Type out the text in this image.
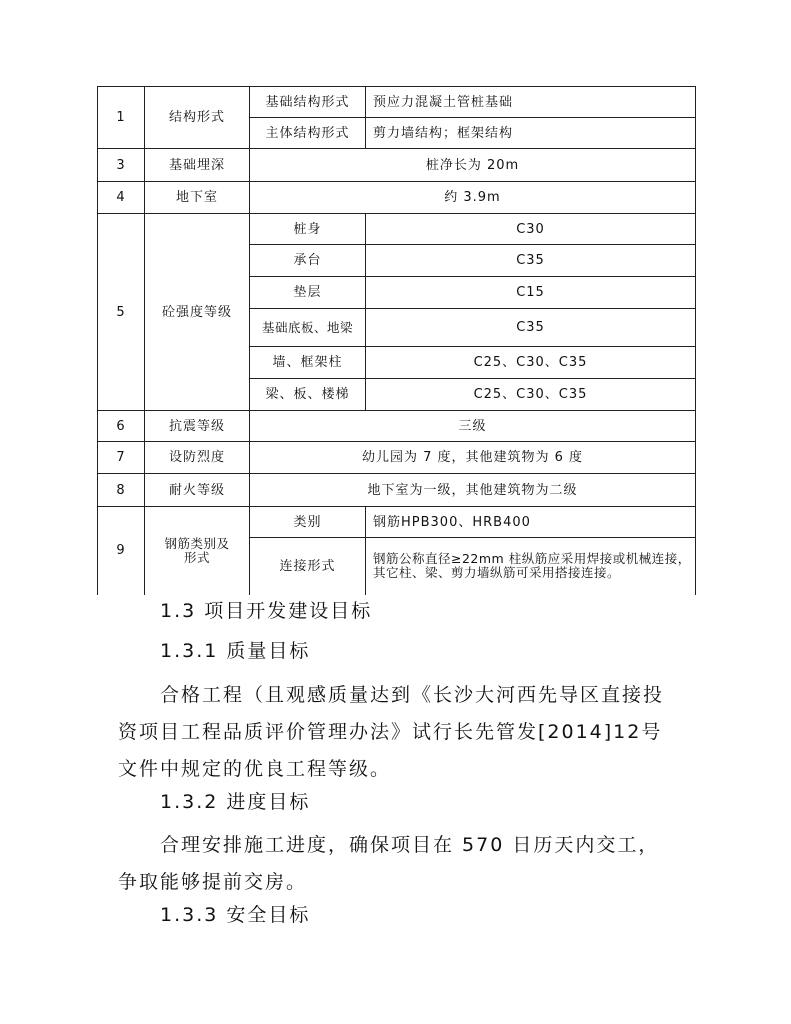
1	结构形式	基础结构形式	预应力混凝土管桩基础
		主体结构形式	剪力墙结构；框架结构
3	基础埋深	桩净长为 20m	
4	地下室	约 3.9m	
5	砼强度等级	桩身	C30
		承台	C35
		垫层	C15
		基础底板、地梁	C35
		墙、框架柱	C25、C30、C35
		梁、板、楼梯	C25、C30、C35
6	抗震等级	三级	
7	设防烈度	幼儿园为 7 度，其他建筑物为 6 度	
8	耐火等级	地下室为一级，其他建筑物为二级	
9	钢筋类别及形式	类别	钢筋HPB300、HRB400
		连接形式	钢筋公称直径≥22mm 柱纵筋应采用焊接或机械连接，其它柱、梁、剪力墙纵筋可采用搭接连接。

1.3 项目开发建设目标

1.3.1 质量目标

合格工程（且观感质量达到《长沙大河西先导区直接投资项目工程品质评价管理办法》试行长先管发[2014]12号文件中规定的优良工程等级。

1.3.2 进度目标

合理安排施工进度，确保项目在 570 日历天内交工，争取能够提前交房。

1.3.3 安全目标
